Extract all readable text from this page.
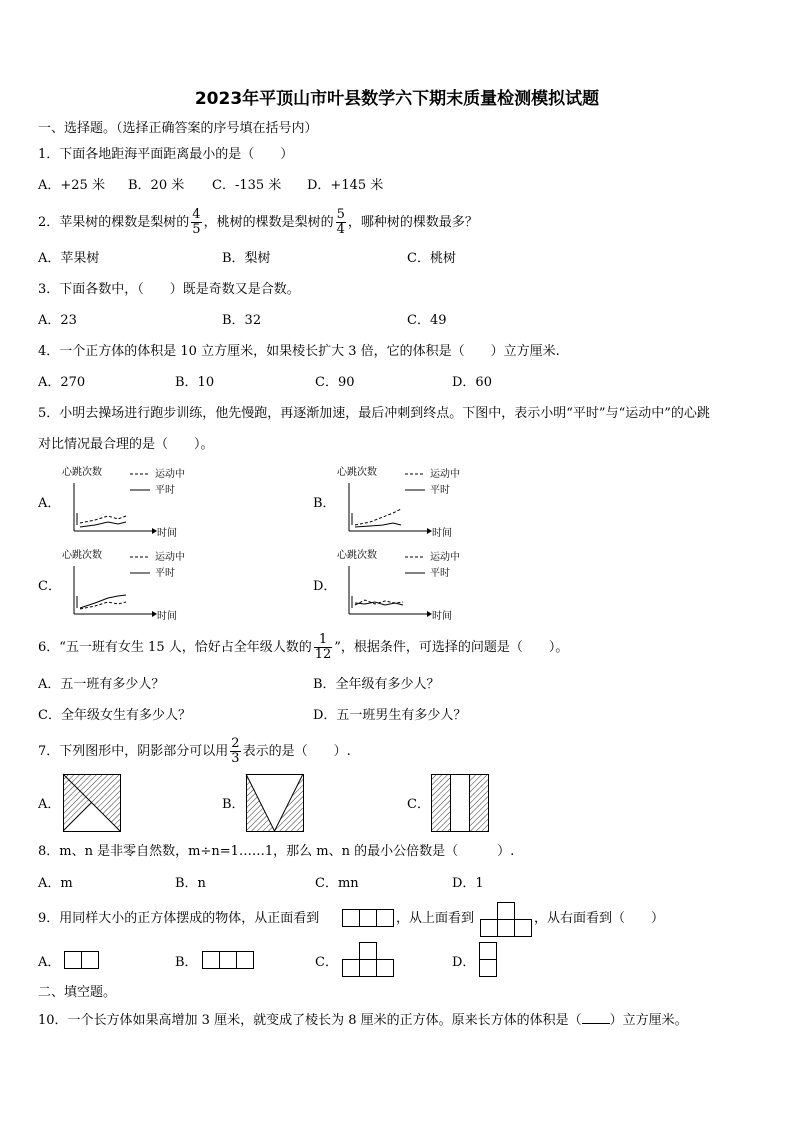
2023年平顶山市叶县数学六下期末质量检测模拟试题
一、选择题。（选择正确答案的序号填在括号内）
1．下面各地距海平面距离最小的是（　　）
A．+25 米 B．20 米 C．-135 米 D．+145 米
2．苹果树的棵数是梨树的 $\frac{4}{5}$ ，桃树的棵数是梨树的 $\frac{5}{4}$ ，哪种树的棵数最多？
A．苹果树	B．梨树	C．桃树
3．下面各数中，（　　）既是奇数又是合数。
A．23	B．32	C．49
4．一个正方体的体积是 10 立方厘米，如果棱长扩大 3 倍，它的体积是（　　）立方厘米.
A．270	B．10	C．90	D．60
5．小明去操场进行跑步训练，他先慢跑，再逐渐加速，最后冲刺到终点。下图中，表示小明“平时”与“运动中”的心跳
对比情况最合理的是（　　）。
A．	B．
C．	D．
心跳次数	运动中
平时
时间
心跳次数	运动中
平时
时间
心跳次数	运动中
平时
时间
心跳次数	运动中
平时
时间
6．“五一班有女生 15 人，恰好占全年级人数的 $\frac{1}{12}$ ”，根据条件，可选择的问题是（　　）。
A．五一班有多少人？	B．全年级有多少人？
C．全年级女生有多少人？	D．五一班男生有多少人？
7．下列图形中，阴影部分可以用 $\frac{2}{3}$ 表示的是（　　）.
A．	B．	C．
8．m、n 是非零自然数，m÷n=1……1，那么 m、n 的最小公倍数是（　　　）.
A．m	B．n	C．mn	D．1
9．用同样大小的正方体摆成的物体，从正面看到	，从上面看到	，从右面看到（　　）
A．	B．	C．	D．
二、填空题。
10．一个长方体如果高增加 3 厘米，就变成了棱长为 8 厘米的正方体。原来长方体的体积是（ ）立方厘米。
